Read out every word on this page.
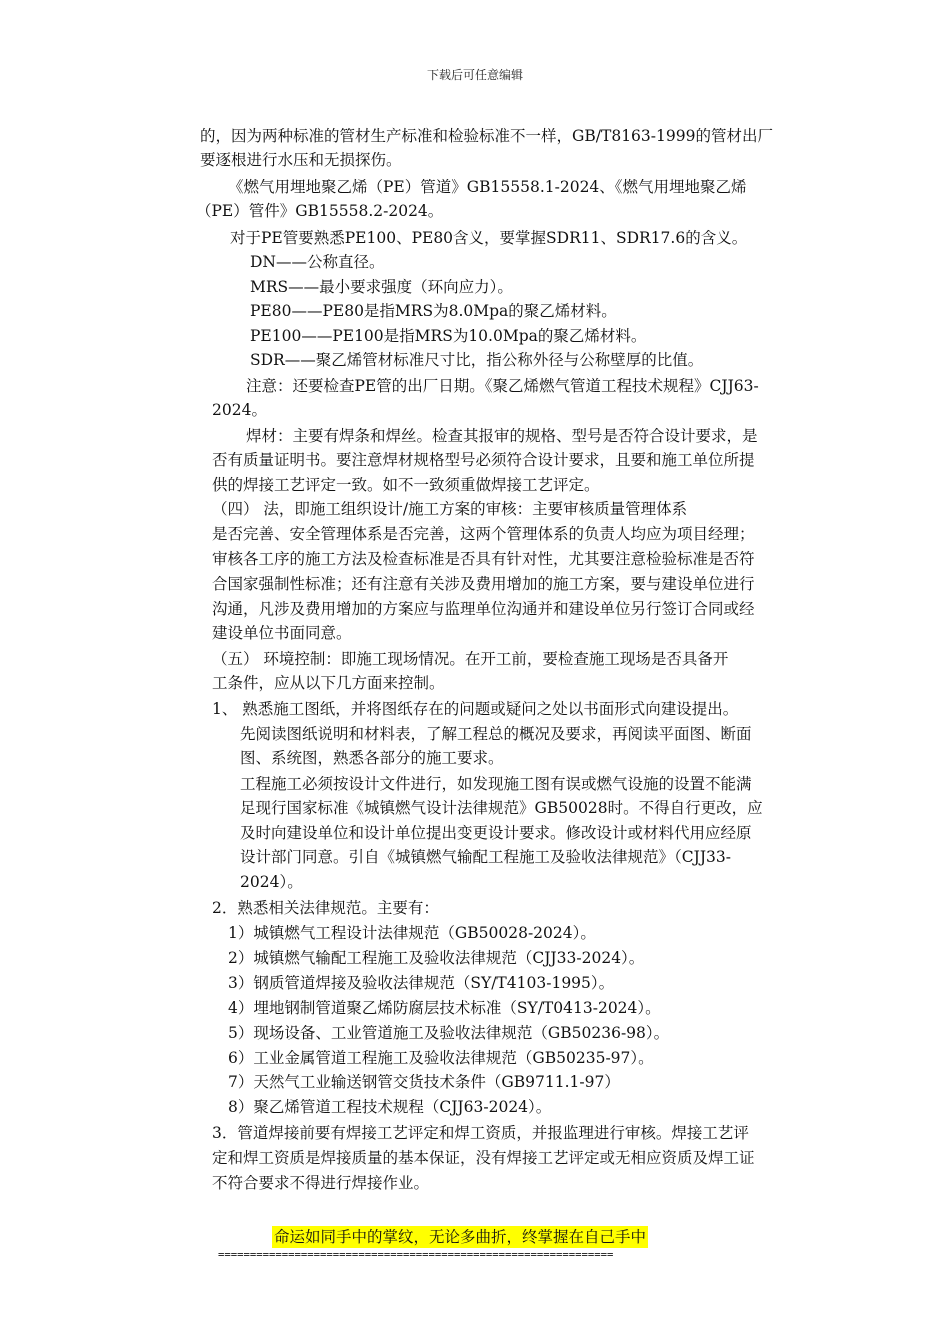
下载后可任意编辑
的，因为两种标准的管材生产标准和检验标准不一样，GB/T8163-1999的管材出厂
要逐根进行水压和无损探伤。
《燃气用埋地聚乙烯（PE）管道》GB15558.1-2024、《燃气用埋地聚乙烯
（PE）管件》GB15558.2-2024。
对于PE管要熟悉PE100、PE80含义，要掌握SDR11、SDR17.6的含义。
DN——公称直径。
MRS——最小要求强度（环向应力）。
PE80——PE80是指MRS为8.0Mpa的聚乙烯材料。
PE100——PE100是指MRS为10.0Mpa的聚乙烯材料。
SDR——聚乙烯管材标准尺寸比，指公称外径与公称壁厚的比值。
注意：还要检查PE管的出厂日期。《聚乙烯燃气管道工程技术规程》CJJ63-
2024。
焊材：主要有焊条和焊丝。检查其报审的规格、型号是否符合设计要求，是
否有质量证明书。要注意焊材规格型号必须符合设计要求，且要和施工单位所提
供的焊接工艺评定一致。如不一致须重做焊接工艺评定。
（四） 法，即施工组织设计/施工方案的审核：主要审核质量管理体系
是否完善、安全管理体系是否完善，这两个管理体系的负责人均应为项目经理；
审核各工序的施工方法及检查标准是否具有针对性，尤其要注意检验标准是否符
合国家强制性标准；还有注意有关涉及费用增加的施工方案，要与建设单位进行
沟通，凡涉及费用增加的方案应与监理单位沟通并和建设单位另行签订合同或经
建设单位书面同意。
（五） 环境控制：即施工现场情况。在开工前，要检查施工现场是否具备开
工条件，应从以下几方面来控制。
1、 熟悉施工图纸，并将图纸存在的问题或疑问之处以书面形式向建设提出。
先阅读图纸说明和材料表，了解工程总的概况及要求，再阅读平面图、断面
图、系统图，熟悉各部分的施工要求。
工程施工必须按设计文件进行，如发现施工图有误或燃气设施的设置不能满
足现行国家标准《城镇燃气设计法律规范》GB50028时。不得自行更改，应
及时向建设单位和设计单位提出变更设计要求。修改设计或材料代用应经原
设计部门同意。引自《城镇燃气输配工程施工及验收法律规范》（CJJ33-
2024）。
2．熟悉相关法律规范。主要有：
1）城镇燃气工程设计法律规范（GB50028-2024）。
2）城镇燃气输配工程施工及验收法律规范（CJJ33-2024）。
3）钢质管道焊接及验收法律规范（SY/T4103-1995）。
4）埋地钢制管道聚乙烯防腐层技术标准（SY/T0413-2024）。
5）现场设备、工业管道施工及验收法律规范（GB50236-98）。
6）工业金属管道工程施工及验收法律规范（GB50235-97）。
7）天然气工业输送钢管交货技术条件（GB9711.1-97）
8）聚乙烯管道工程技术规程（CJJ63-2024）。
3．管道焊接前要有焊接工艺评定和焊工资质，并报监理进行审核。焊接工艺评
定和焊工资质是焊接质量的基本保证，没有焊接工艺评定或无相应资质及焊工证
不符合要求不得进行焊接作业。
命运如同手中的掌纹，无论多曲折，终掌握在自己手中
==============================================================
